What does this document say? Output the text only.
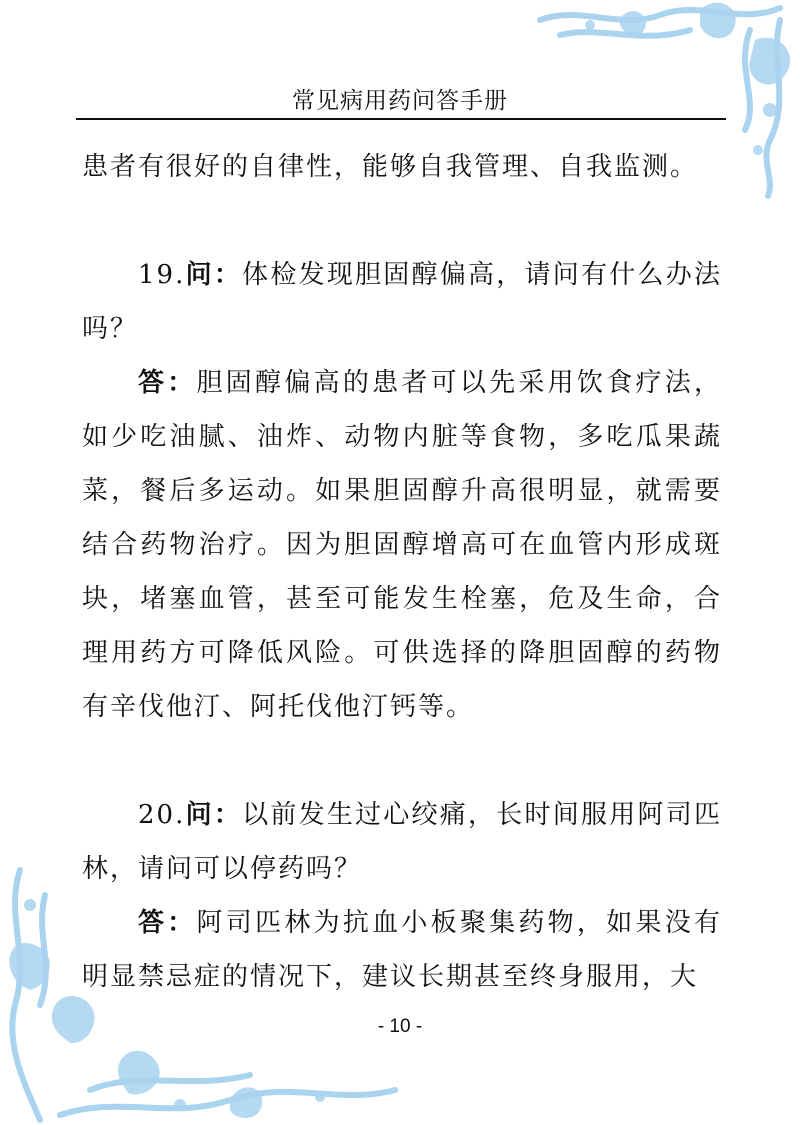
常见病用药问答手册

患者有很好的自律性，能够自我管理、自我监测。

19.问：体检发现胆固醇偏高，请问有什么办法吗？

答：胆固醇偏高的患者可以先采用饮食疗法，如少吃油腻、油炸、动物内脏等食物，多吃瓜果蔬菜，餐后多运动。如果胆固醇升高很明显，就需要结合药物治疗。因为胆固醇增高可在血管内形成斑块，堵塞血管，甚至可能发生栓塞，危及生命，合理用药方可降低风险。可供选择的降胆固醇的药物有辛伐他汀、阿托伐他汀钙等。

20.问：以前发生过心绞痛，长时间服用阿司匹林，请问可以停药吗？

答：阿司匹林为抗血小板聚集药物，如果没有明显禁忌症的情况下，建议长期甚至终身服用，大

- 10 -
